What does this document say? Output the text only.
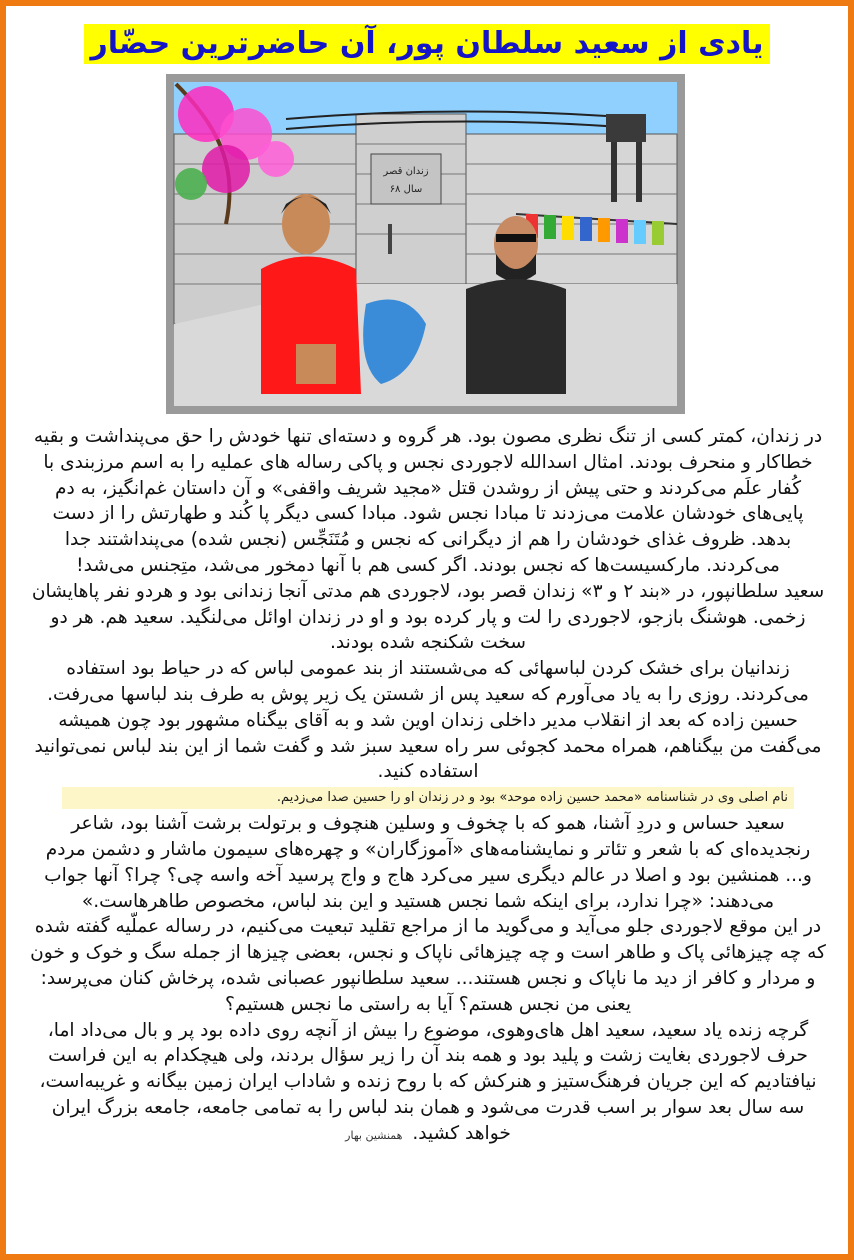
یادی از سعید سلطان پور، آن حاضرترین حضّار
زندان قصر
سال ۶۸

در زندان، کمتر کسی از تنگ نظری مصون بود. هر گروه و دسته‌ای تنها خودش را حق می‌پنداشت و بقیه خطاکار و منحرف بودند. امثال اسدالله لاجوردی نجس و پاکی رساله های عملیه را به اسم مرزبندی با کُفار علَم می‌کردند و حتی پیش از روشدن قتل «مجید شریف واقفی» و آن داستان غم‌انگیز، به دم پایی‌های خودشان علامت می‌زدند تا مبادا نجس شود. مبادا کسی دیگر پا کُند و طهارتش را از دست بدهد. ظروف غذای خودشان را هم از دیگرانی که نجس و مُتَنَجِّس (نجس شده) می‌پنداشتند جدا می‌کردند. مارکسیست‌ها که نجس بودند. اگر کسی هم با آنها دمخور می‌شد، متِجنس می‌شد!

سعید سلطانپور، در «بند ۲ و ۳» زندان قصر بود، لاجوردی هم مدتی آنجا زندانی بود و هردو نفر پاهایشان زخمی. هوشنگ بازجو، لاجوردی را لت و پار کرده بود و او در زندان اوائل می‌لنگید. سعید هم. هر دو سخت شکنجه شده بودند.

زندانیان برای خشک کردن لباسهائی که می‌شستند از بند عمومی لباس که در حیاط بود استفاده می‌کردند. روزی را به یاد می‌آورم که سعید پس از شستن یک زیر پوش به طرف بند لباسها می‌رفت. حسین زاده که بعد از انقلاب مدیر داخلی زندان اوین شد و به آقای بیگناه مشهور بود چون همیشه می‌گفت من بیگناهم، همراه محمد کجوئی سر راه سعید سبز شد و گفت شما از این بند لباس نمی‌توانید استفاده کنید.

نام اصلی وی در شناسنامه «محمد حسین زاده موحد» بود و در زندان او را حسین صدا می‌زدیم.

سعید حساس و دردِ آشنا، همو که با چخوف و وسلین هنچوف و برتولت برشت آشنا بود، شاعر رنجدیده‌ای که با شعر و تئاتر و نمایشنامه‌های «آموزگاران» و چهره‌های سیمون ماشار و دشمن مردم و... همنشین بود و اصلا در عالم دیگری سیر می‌کرد هاج و واج پرسید آخه واسه چی؟ چرا؟ آنها جواب می‌دهند: «چرا ندارد، برای اینکه شما نجس هستید و این بند لباس، مخصوص طاهرهاست.»

در این موقع لاجوردی جلو می‌آید و می‌گوید ما از مراجع تقلید تبعیت می‌کنیم، در رساله عملّیه گفته شده که چه چیزهائی پاک و طاهر است و چه چیزهائی ناپاک و نجس، بعضی چیزها از جمله سگ و خوک و خون و مردار و کافر از دید ما ناپاک و نجس هستند... سعید سلطانپور عصبانی شده، پرخاش کنان می‌پرسد:

یعنی من نجس هستم؟ آیا به راستی ما نجس هستیم؟

گرچه زنده یاد سعید، سعید اهل های‌وهوی، موضوع را بیش از آنچه روی داده بود پر و بال می‌داد اما، حرف لاجوردی بغایت زشت و پلید بود و همه بند آن را زیر سؤال بردند، ولی هیچکدام به این فراست نیافتادیم که این جریان فرهنگ‌ستیز و هنرکش که با روح زنده و شاداب ایران زمین بیگانه و غریبه‌است، سه سال بعد سوار بر اسب قدرت می‌شود و همان بند لباس را به تمامی جامعه، جامعه بزرگ ایران خواهد کشید. همنشین بهار
